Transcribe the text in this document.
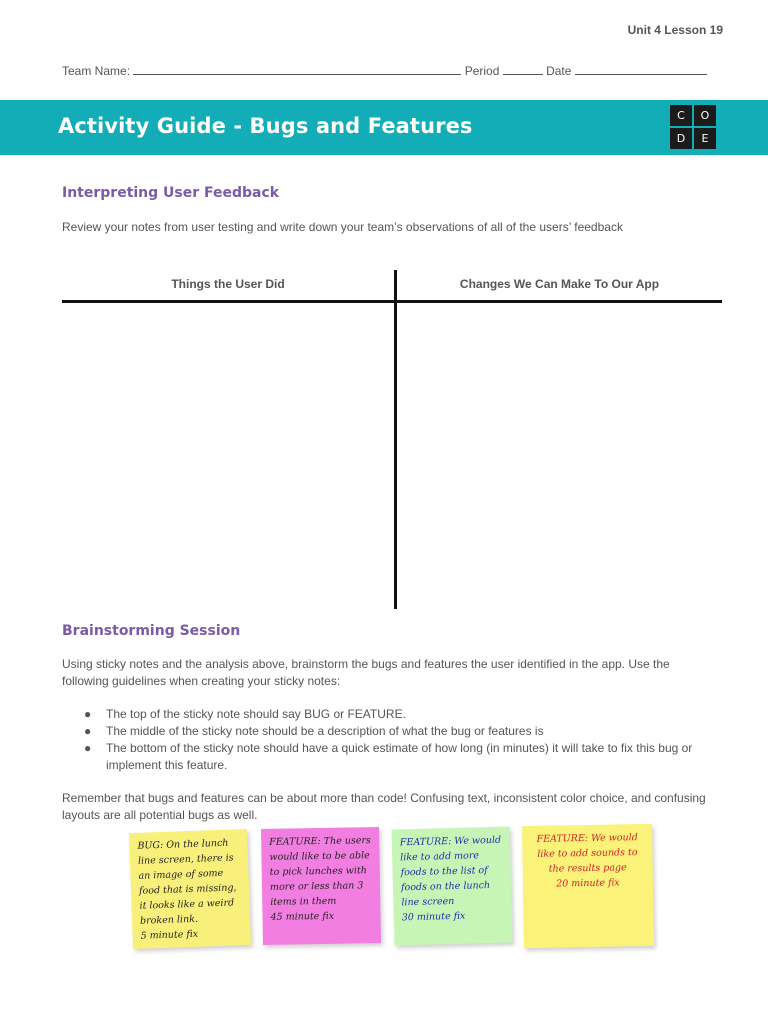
Unit 4 Lesson 19
Team Name:	Period	Date
Activity Guide - Bugs and Features	C	O
D	E
Interpreting User Feedback
Review your notes from user testing and write down your team’s observations of all of the users’ feedback
Things the User Did	Changes We Can Make To Our App
Brainstorming Session
Using sticky notes and the analysis above, brainstorm the bugs and features the user identified in the app. Use the following guidelines when creating your sticky notes:
● The top of the sticky note should say BUG or FEATURE.
● The middle of the sticky note should be a description of what the bug or features is
● The bottom of the sticky note should have a quick estimate of how long (in minutes) it will take to fix this bug or implement this feature.
Remember that bugs and features can be about more than code! Confusing text, inconsistent color choice, and confusing layouts are all potential bugs as well.
BUG: On the lunch line screen, there is an image of some food that is missing, it looks like a weird broken link.
5 minute fix
FEATURE: The users would like to be able to pick lunches with more or less than 3 items in them
45 minute fix
FEATURE: We would like to add more foods to the list of foods on the lunch line screen
30 minute fix
FEATURE: We would like to add sounds to the results page
20 minute fix
